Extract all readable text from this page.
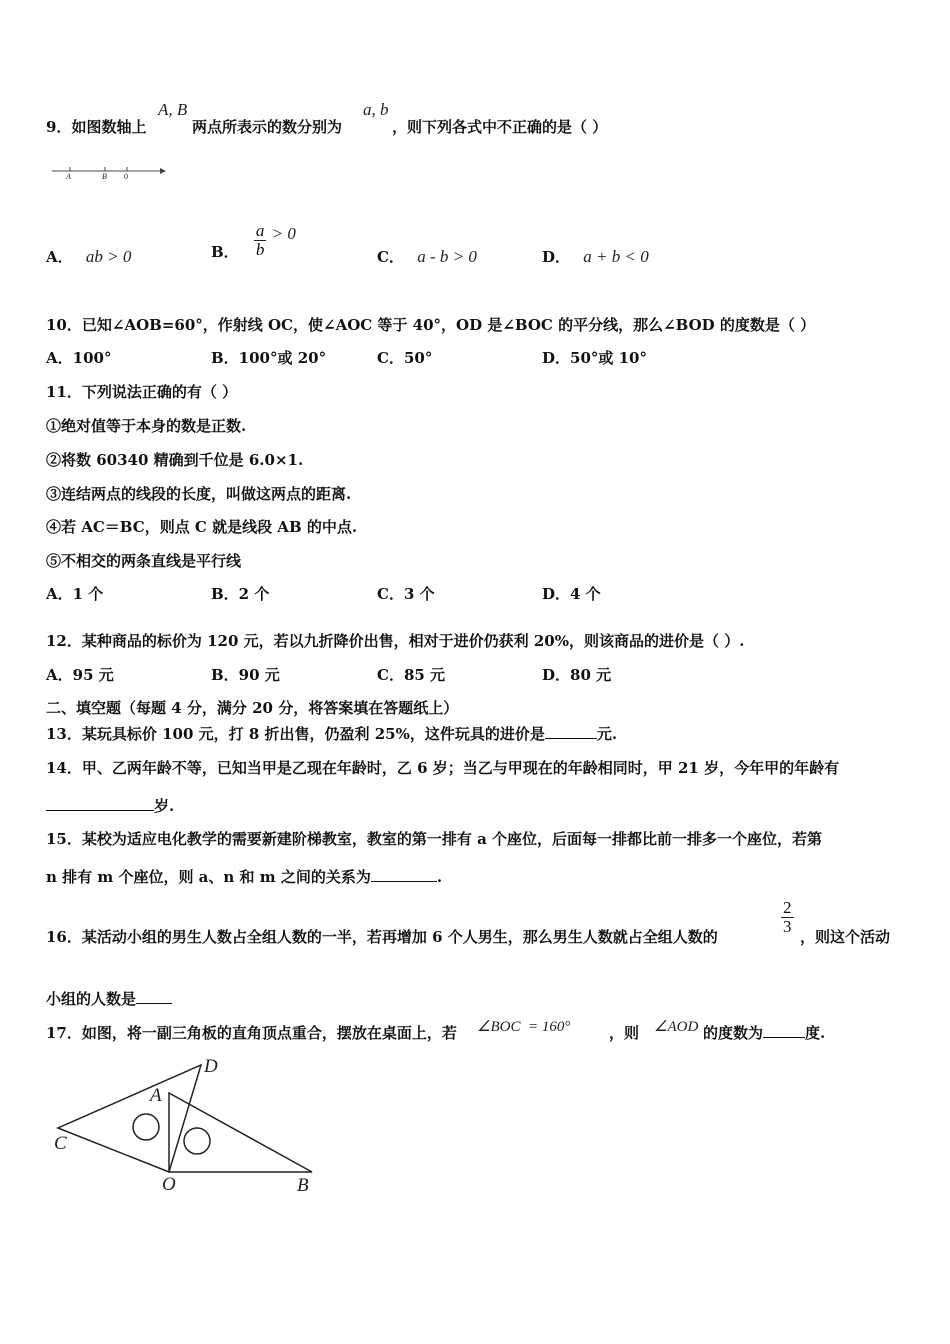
9．如图数轴上
A, B
两点所表示的数分别为
a, b
，则下列各式中不正确的是（ ）
A	B 0
A． ab > 0	B． $\frac{a}{b} > 0$
C． a - b > 0	D． a + b < 0
10．已知∠AOB=60°，作射线 OC，使∠AOC 等于 40°，OD 是∠BOC 的平分线，那么∠BOD 的度数是（ ）
A．100°	B．100°或 20°	C．50°	D．50°或 10°
11．下列说法正确的有（ ）
①绝对值等于本身的数是正数.
②将数 60340 精确到千位是 6.0×1.
③连结两点的线段的长度，叫做这两点的距离.
④若 AC＝BC，则点 C 就是线段 AB 的中点.
⑤不相交的两条直线是平行线
A．1 个	B．2 个	C．3 个	D．4 个
12．某种商品的标价为 120 元，若以九折降价出售，相对于进价仍获利 20%，则该商品的进价是（ ）.
A．95 元	B．90 元	C．85 元	D．80 元
二、填空题（每题 4 分，满分 20 分，将答案填在答题纸上）
13．某玩具标价 100 元，打 8 折出售，仍盈利 25%，这件玩具的进价是	元.
14．甲、乙两年龄不等，已知当甲是乙现在年龄时，乙 6 岁；当乙与甲现在的年龄相同时，甲 21 岁，今年甲的年龄有
岁.
15．某校为适应电化教学的需要新建阶梯教室，教室的第一排有 a 个座位，后面每一排都比前一排多一个座位，若第
n 排有 m 个座位，则 a、n 和 m 之间的关系为	.
16．某活动小组的男生人数占全组人数的一半，若再增加 6 个人男生，那么男生人数就占全组人数的
$\frac{2}{3}$
，则这个活动
小组的人数是
17．如图，将一副三角板的直角顶点重合，摆放在桌面上，若 ∠BOC  = 160°	，则 ∠AOD 的度数为	度.
D
A
C
O	B
